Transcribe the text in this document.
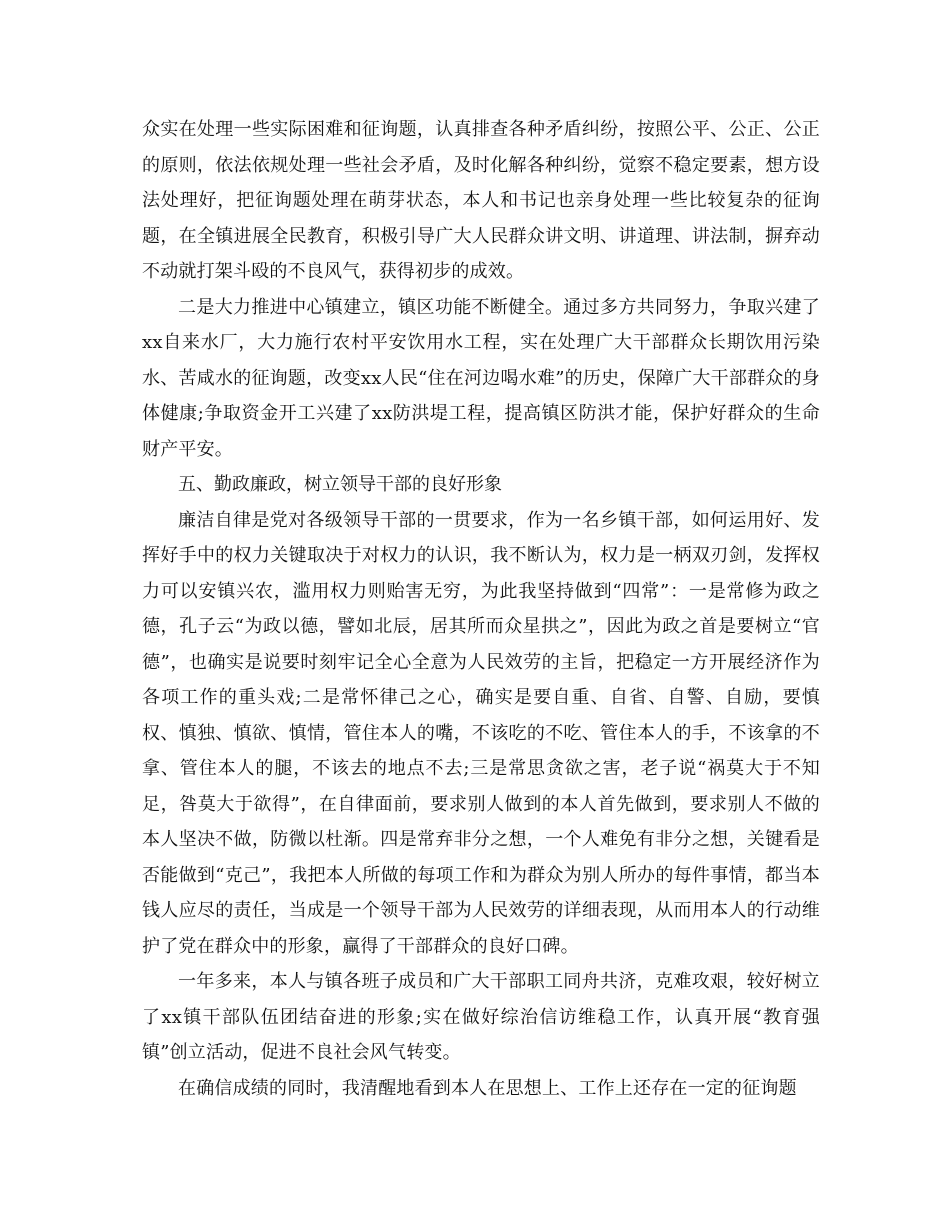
众实在处理一些实际困难和征询题，认真排查各种矛盾纠纷，按照公平、公正、公正的原则，依法依规处理一些社会矛盾，及时化解各种纠纷，觉察不稳定要素，想方设法处理好，把征询题处理在萌芽状态，本人和书记也亲身处理一些比较复杂的征询题，在全镇进展全民教育，积极引导广大人民群众讲文明、讲道理、讲法制，摒弃动不动就打架斗殴的不良风气，获得初步的成效。

二是大力推进中心镇建立，镇区功能不断健全。通过多方共同努力，争取兴建了xx自来水厂，大力施行农村平安饮用水工程，实在处理广大干部群众长期饮用污染水、苦咸水的征询题，改变xx人民“住在河边喝水难”的历史，保障广大干部群众的身体健康;争取资金开工兴建了xx防洪堤工程，提高镇区防洪才能，保护好群众的生命财产平安。

五、勤政廉政，树立领导干部的良好形象

廉洁自律是党对各级领导干部的一贯要求，作为一名乡镇干部，如何运用好、发挥好手中的权力关键取决于对权力的认识，我不断认为，权力是一柄双刃剑，发挥权力可以安镇兴农，滥用权力则贻害无穷，为此我坚持做到“四常”：一是常修为政之德，孔子云“为政以德，譬如北辰，居其所而众星拱之”，因此为政之首是要树立“官德”，也确实是说要时刻牢记全心全意为人民效劳的主旨，把稳定一方开展经济作为各项工作的重头戏;二是常怀律己之心，确实是要自重、自省、自警、自励，要慎权、慎独、慎欲、慎情，管住本人的嘴，不该吃的不吃、管住本人的手，不该拿的不拿、管住本人的腿，不该去的地点不去;三是常思贪欲之害，老子说“祸莫大于不知足，咎莫大于欲得”，在自律面前，要求别人做到的本人首先做到，要求别人不做的本人坚决不做，防微以杜渐。四是常弃非分之想，一个人难免有非分之想，关键看是否能做到“克己”，我把本人所做的每项工作和为群众为别人所办的每件事情，都当本钱人应尽的责任，当成是一个领导干部为人民效劳的详细表现，从而用本人的行动维护了党在群众中的形象，赢得了干部群众的良好口碑。

一年多来，本人与镇各班子成员和广大干部职工同舟共济，克难攻艰，较好树立了xx镇干部队伍团结奋进的形象;实在做好综治信访维稳工作，认真开展“教育强镇”创立活动，促进不良社会风气转变。

在确信成绩的同时，我清醒地看到本人在思想上、工作上还存在一定的征询题
